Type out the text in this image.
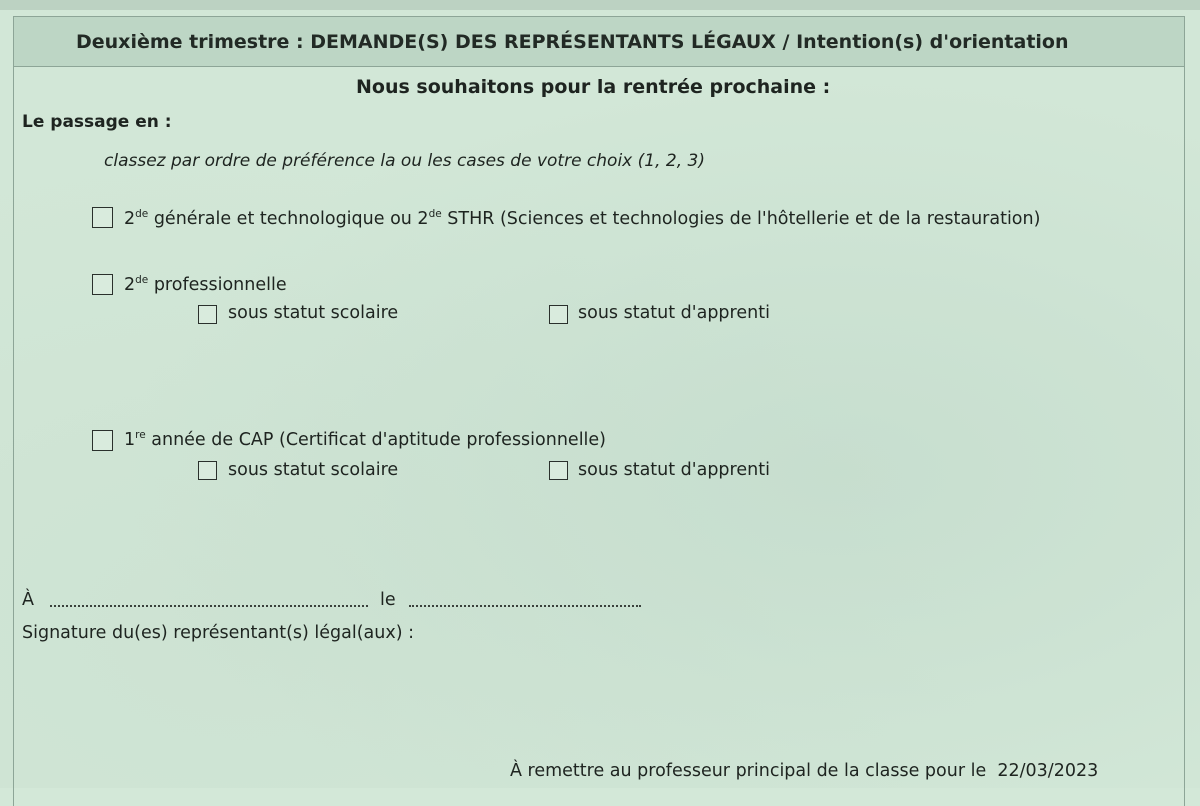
Deuxième trimestre : DEMANDE(S) DES REPRÉSENTANTS LÉGAUX / Intention(s) d'orientation
Nous souhaitons pour la rentrée prochaine :
Le passage en :
classez par ordre de préférence la ou les cases de votre choix (1, 2, 3)
2de générale et technologique ou 2de STHR (Sciences et technologies de l'hôtellerie et de la restauration)
2de professionnelle
sous statut scolaire	sous statut d'apprenti
1re année de CAP (Certificat d'aptitude professionnelle)
sous statut scolaire	sous statut d'apprenti
À	le
Signature du(es) représentant(s) légal(aux) :
À remettre au professeur principal de la classe pour le 22/03/2023
